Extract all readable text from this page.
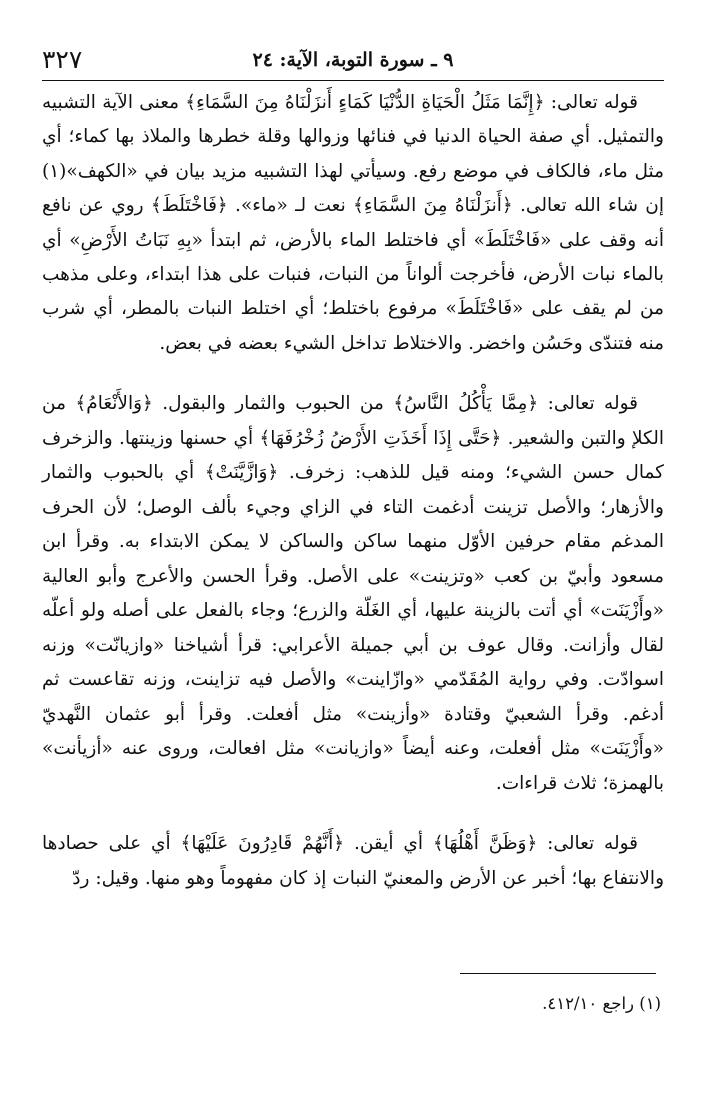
٣٢٧	٩ ـ سورة التوبة، الآية: ٢٤

قوله تعالى: ﴿إِنَّمَا مَثَلُ الْحَيَاةِ الدُّنْيَا كَمَاءٍ أَنزَلْنَاهُ مِنَ السَّمَاءِ﴾ معنى الآية التشبيه والتمثيل. أي صفة الحياة الدنيا في فنائها وزوالها وقلة خطرها والملاذ بها كماء؛ أي مثل ماء، فالكاف في موضع رفع. وسيأتي لهذا التشبيه مزيد بيان في «الكهف»(١) إن شاء الله تعالى. ﴿أَنزَلْنَاهُ مِنَ السَّمَاءِ﴾ نعت لـ «ماء». ﴿فَاخْتَلَطَ﴾ روي عن نافع أنه وقف على «فَاخْتَلَطَ» أي فاختلط الماء بالأرض، ثم ابتدأ «بِهِ نَبَاتُ الأَرْضِ» أي بالماء نبات الأرض، فأخرجت ألواناً من النبات، فنبات على هذا ابتداء، وعلى مذهب من لم يقف على «فَاخْتَلَطَ» مرفوع باختلط؛ أي اختلط النبات بالمطر، أي شرب منه فتندّى وحَسُن واخضر. والاختلاط تداخل الشيء بعضه في بعض.

قوله تعالى: ﴿مِمَّا يَأْكُلُ النَّاسُ﴾ من الحبوب والثمار والبقول. ﴿وَالأَنْعَامُ﴾ من الكلإ والتبن والشعير. ﴿حَتَّى إِذَا أَخَذَتِ الأَرْضُ زُخْرُفَهَا﴾ أي حسنها وزينتها. والزخرف كمال حسن الشيء؛ ومنه قيل للذهب: زخرف. ﴿وَازَّيَّنَتْ﴾ أي بالحبوب والثمار والأزهار؛ والأصل تزينت أدغمت التاء في الزاي وجيء بألف الوصل؛ لأن الحرف المدغم مقام حرفين الأوّل منهما ساكن والساكن لا يمكن الابتداء به. وقرأ ابن مسعود وأبيّ بن كعب «وتزينت» على الأصل. وقرأ الحسن والأعرج وأبو العالية «وأَزْيَنَت» أي أتت بالزينة عليها، أي الغَلّة والزرع؛ وجاء بالفعل على أصله ولو أعلّه لقال وأزانت. وقال عوف بن أبي جميلة الأعرابي: قرأ أشياخنا «وازيانّت» وزنه اسوادّت. وفي رواية المُقَدّمي «وازّاينت» والأصل فيه تزاينت، وزنه تقاعست ثم أدغم. وقرأ الشعبيّ وقتادة «وأزينت» مثل أفعلت. وقرأ أبو عثمان النَّهديّ «وأَزْيَنَت» مثل أفعلت، وعنه أيضاً «وازيانت» مثل افعالت، وروى عنه «أزيأنت» بالهمزة؛ ثلاث قراءات.

قوله تعالى: ﴿وَظَنَّ أَهْلُهَا﴾ أي أيقن. ﴿أَنَّهُمْ قَادِرُونَ عَلَيْهَا﴾ أي على حصادها والانتفاع بها؛ أخبر عن الأرض والمعنيّ النبات إذ كان مفهوماً وهو منها. وقيل: ردّ

(١) راجع ٤١٢/١٠.
